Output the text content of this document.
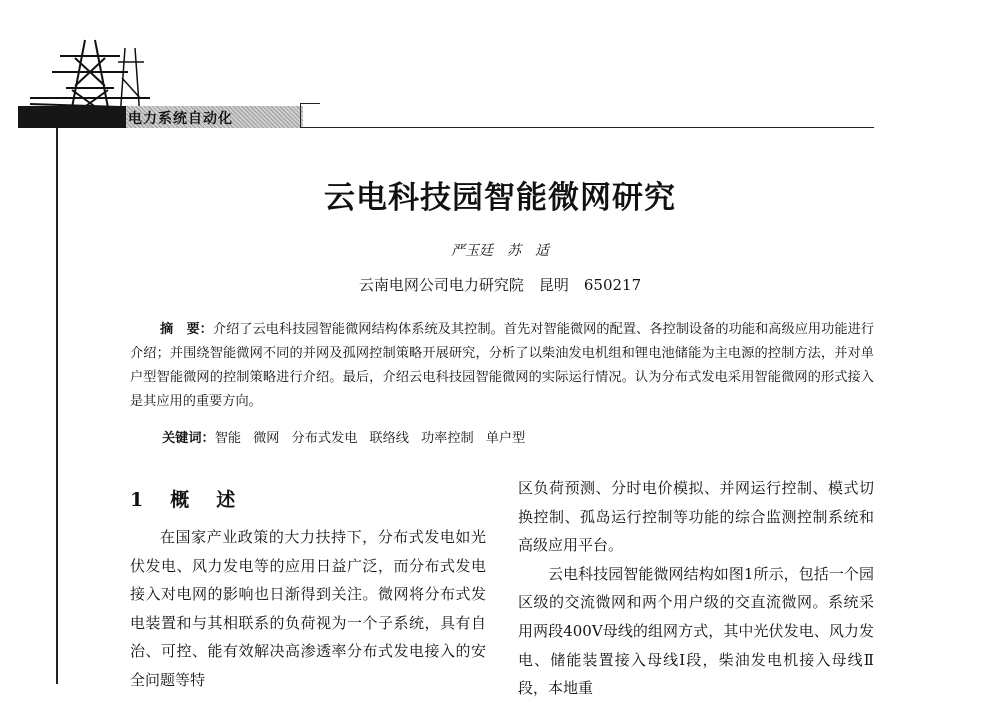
电力系统自动化
云电科技园智能微网研究
严玉廷　苏　适
云南电网公司电力研究院　昆明　650217
摘　要：介绍了云电科技园智能微网结构体系统及其控制。首先对智能微网的配置、各控制设备的功能和高级应用功能进行介绍；并围绕智能微网不同的并网及孤网控制策略开展研究，分析了以柴油发电机组和锂电池储能为主电源的控制方法，并对单户型智能微网的控制策略进行介绍。最后，介绍云电科技园智能微网的实际运行情况。认为分布式发电采用智能微网的形式接入是其应用的重要方向。
关键词：智能 微网 分布式发电 联络线 功率控制 单户型
1　概　述

在国家产业政策的大力扶持下，分布式发电如光伏发电、风力发电等的应用日益广泛，而分布式发电接入对电网的影响也日渐得到关注。微网将分布式发电装置和与其相联系的负荷视为一个子系统，具有自治、可控、能有效解决高渗透率分布式发电接入的安全问题等特

区负荷预测、分时电价模拟、并网运行控制、模式切换控制、孤岛运行控制等功能的综合监测控制系统和高级应用平台。

云电科技园智能微网结构如图1所示，包括一个园区级的交流微网和两个用户级的交直流微网。系统采用两段400V母线的组网方式，其中光伏发电、风力发电、储能装置接入母线Ⅰ段，柴油发电机接入母线Ⅱ段，本地重
